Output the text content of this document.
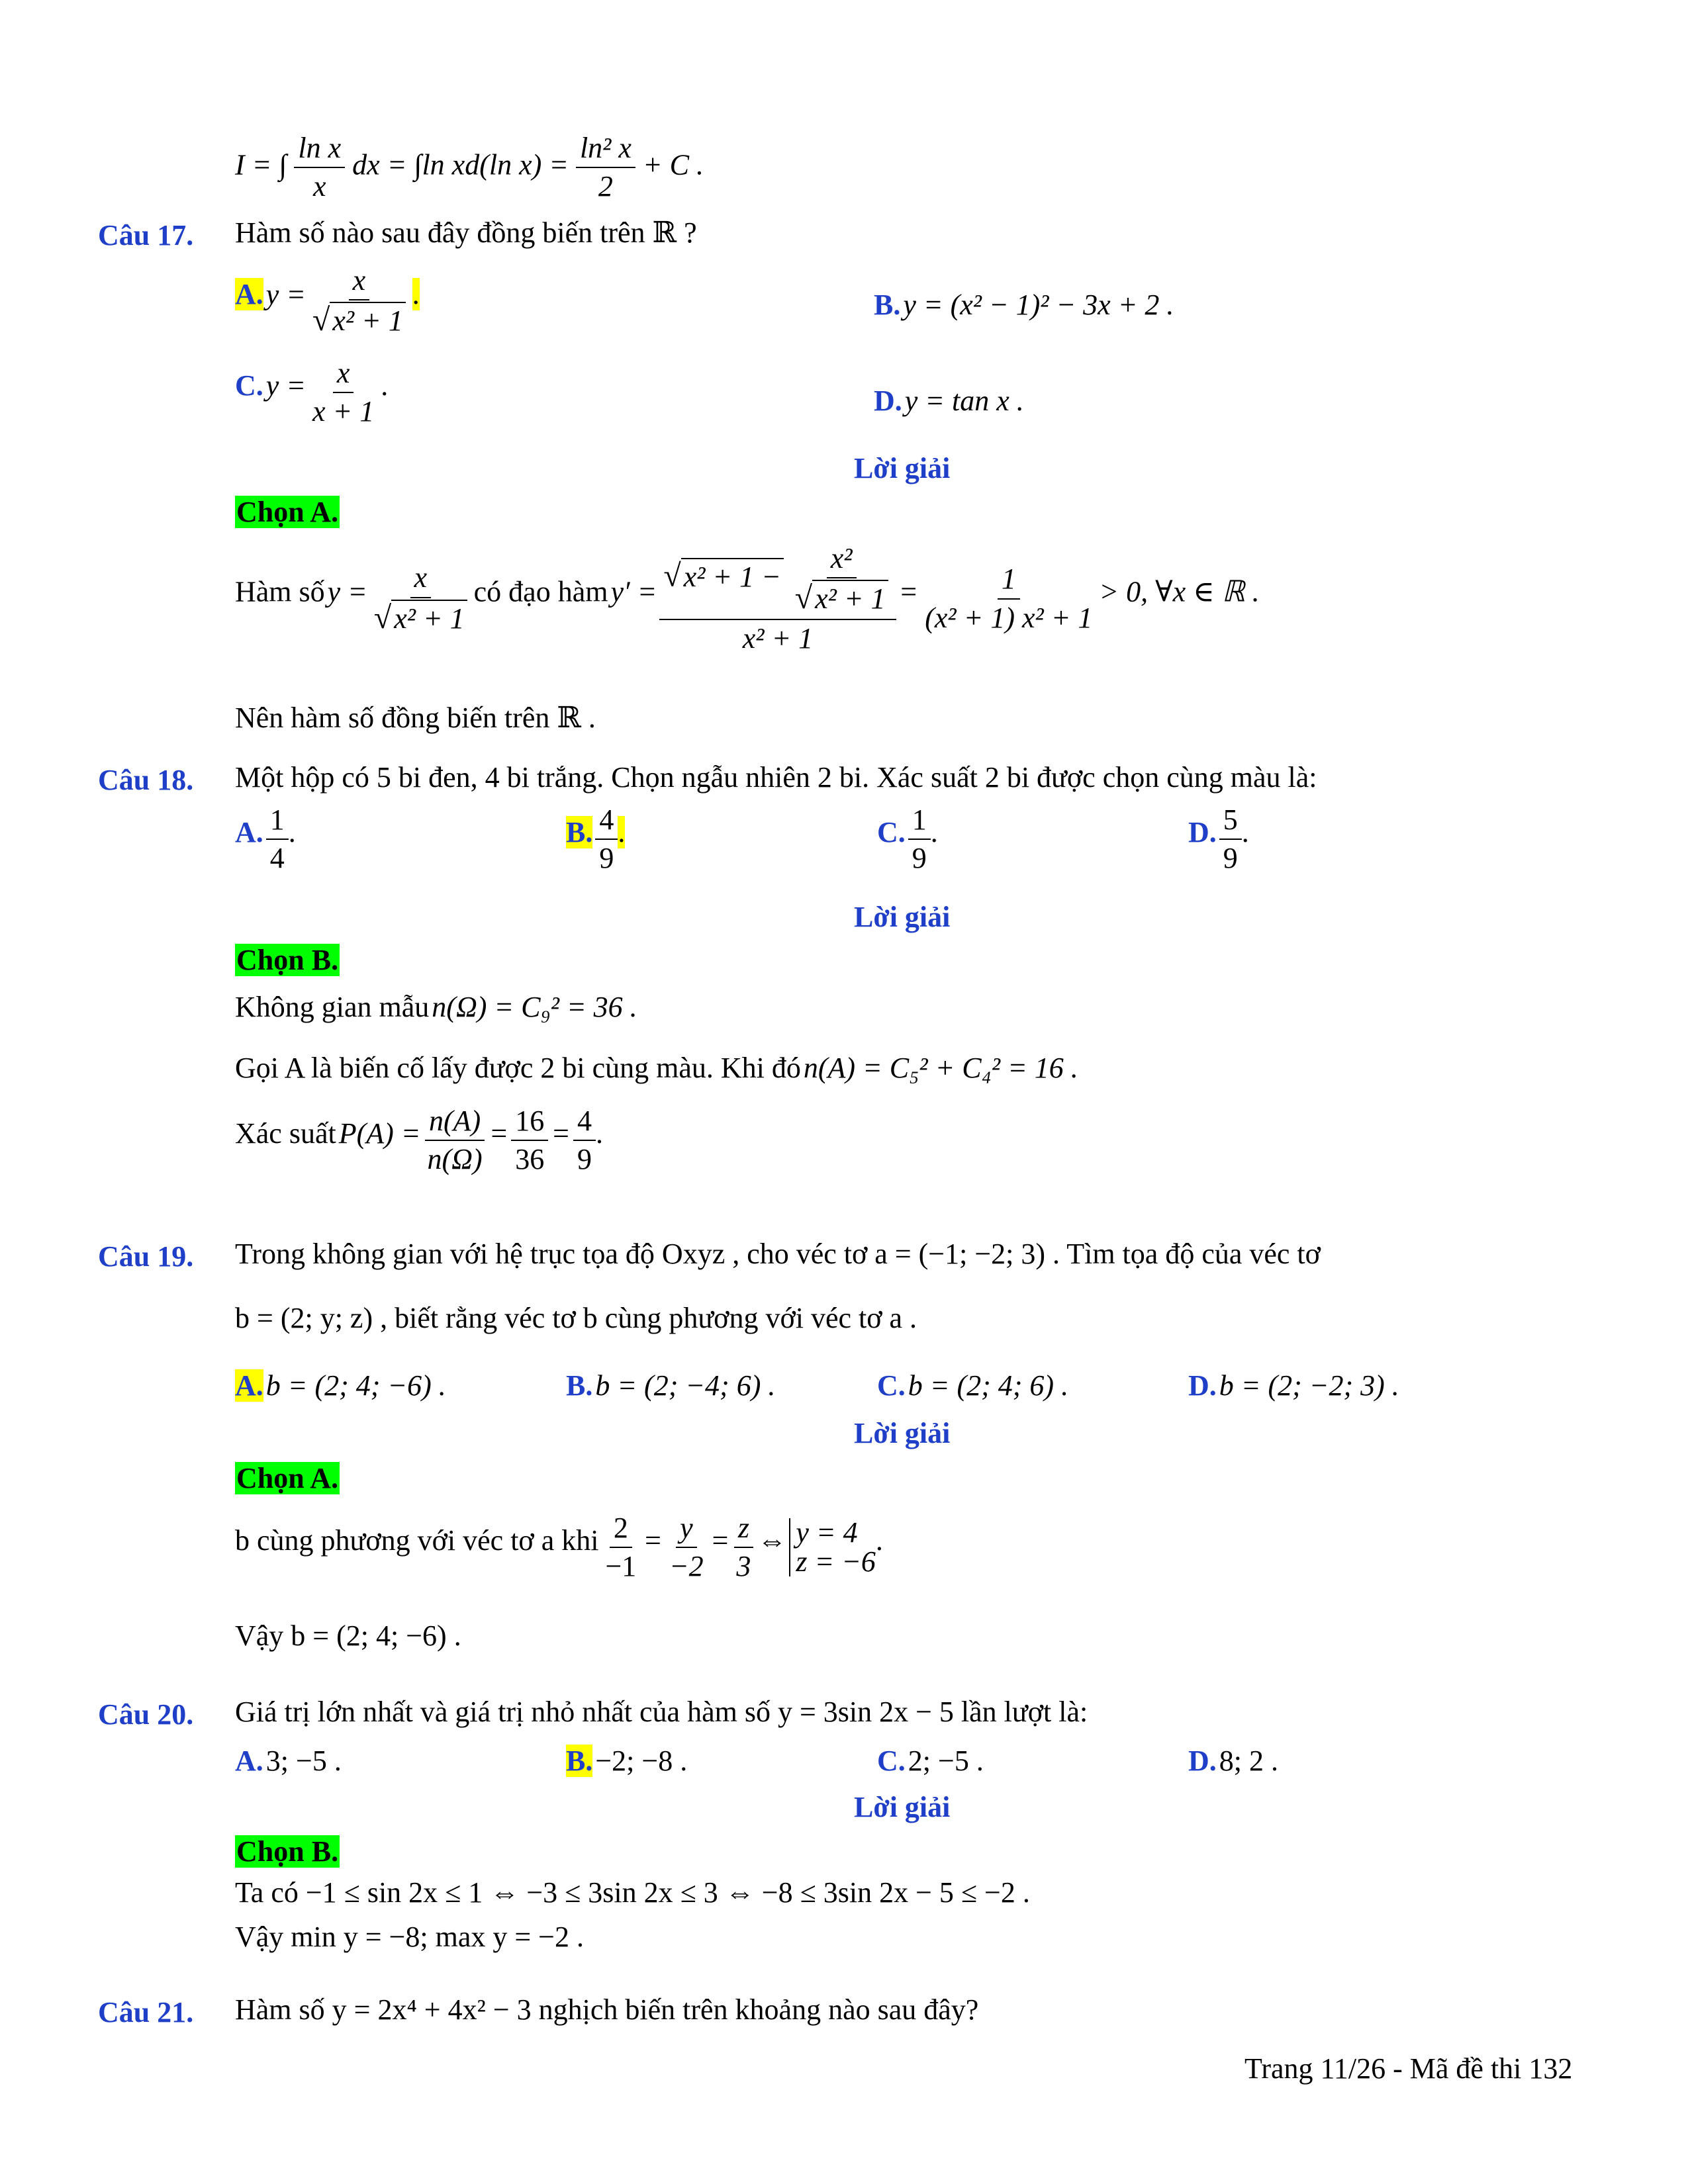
I = ∫ $\frac{\text{ln x}}{x}$ dx = ∫ln xd(ln $x) = \frac{\text{ln² x}}{2} + C$ .
Câu 17. Hàm số nào sau đây đồng biến trên ℝ ?
A. $y = \frac{x}{\text{√x² + 1}}$ .	B. y = (x² − 1)² − 3x + 2 .
C. $y = \frac{x}{x + 1}$ .	D. y = tan x .
Lời giải
Chọn A.
Hàm số $y = \frac{x}{\text{√x² + 1}}$ có đạo hàm $y' = \frac{√x^2 + 1 - \frac{\text{x²}}{\text{√x² + 1}}}{\text{x² + 1}} = \frac{1}{\text{(x² + 1) x² + 1}} > 0$, ∀x ∈ ℝ .
Nên hàm số đồng biến trên ℝ .
Câu 18. Một hộp có 5 bi đen, 4 bi trắng. Chọn ngẫu nhiên 2 bi. Xác suất 2 bi được chọn cùng màu là:
A. $\frac{1}{4}$ .	B. $\frac{4}{9}$ .	C. $\frac{1}{9}$ .	D. $\frac{5}{9}$ .
Lời giải
Chọn B.
Không gian mẫu n(Ω) = C₉² = 36 .
Gọi A là biến cố lấy được 2 bi cùng màu. Khi đó n(A) = C₅² + C₄² = 16 .
Xác suất $P(A) = \frac{n(A)}{n(\Omega)} = \frac{16}{36} = \frac{4}{9}$ .
Câu 19. Trong không gian với hệ trục tọa độ Oxyz , cho véc tơ a = (−1; −2; 3) . Tìm tọa độ của véc tơ
b = (2; y; z) , biết rằng véc tơ b cùng phương với véc tơ a .
A. b = (2; 4; −6) .	B. b = (2; −4; 6) .	C. b = (2; 4; 6) .	D. b = (2; −2; 3) .
Lời giải
Chọn A.
b cùng phương với véc tơ a khi $\frac{2}{-1} = \frac{y}{-2} = \frac{z}{3}$ ⇔ y = 4
z = −6
.
Vậy b = (2; 4; −6) .
Câu 20. Giá trị lớn nhất và giá trị nhỏ nhất của hàm số y = 3sin 2x − 5 lần lượt là:
A. 3; −5 .	B. −2; −8 .	C. 2; −5 .	D. 8; 2 .
Lời giải
Chọn B.
Ta có −1 ≤ sin 2x ≤ 1 ⇔ −3 ≤ 3sin 2x ≤ 3 ⇔ −8 ≤ 3sin 2x − 5 ≤ −2 .
Vậy min y = −8; max y = −2 .
Câu 21. Hàm số y = 2x⁴ + 4x² − 3 nghịch biến trên khoảng nào sau đây?
Trang 11/26 - Mã đề thi 132
